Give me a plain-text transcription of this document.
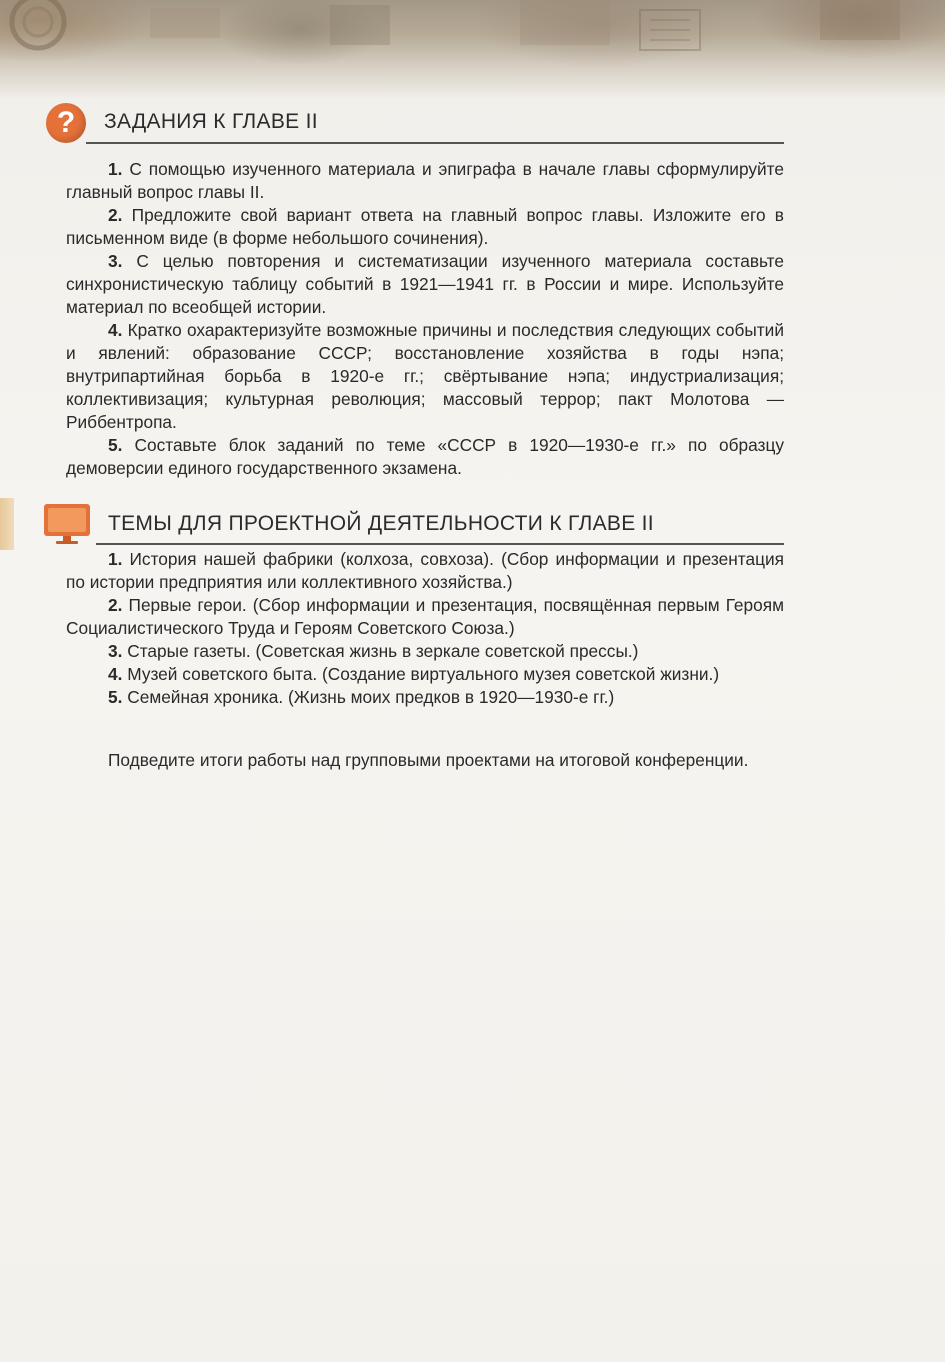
?	ЗАДАНИЯ К ГЛАВЕ II

1. С помощью изученного материала и эпиграфа в начале главы сформулируйте главный вопрос главы II.

2. Предложите свой вариант ответа на главный вопрос главы. Изложите его в письменном виде (в форме небольшого сочинения).

3. С целью повторения и систематизации изученного материала составьте синхронистическую таблицу событий в 1921—1941 гг. в России и мире. Используйте материал по всеобщей истории.

4. Кратко охарактеризуйте возможные причины и последствия следующих событий и явлений: образование СССР; восстановление хозяйства в годы нэпа; внутрипартийная борьба в 1920-е гг.; свёртывание нэпа; индустриализация; коллективизация; культурная революция; массовый террор; пакт Молотова — Риббентропа.

5. Составьте блок заданий по теме «СССР в 1920—1930-е гг.» по образцу демоверсии единого государственного экзамена.

ТЕМЫ ДЛЯ ПРОЕКТНОЙ ДЕЯТЕЛЬНОСТИ К ГЛАВЕ II

1. История нашей фабрики (колхоза, совхоза). (Сбор информации и презентация по истории предприятия или коллективного хозяйства.)

2. Первые герои. (Сбор информации и презентация, посвящённая первым Героям Социалистического Труда и Героям Советского Союза.)

3. Старые газеты. (Советская жизнь в зеркале советской прессы.)

4. Музей советского быта. (Создание виртуального музея советской жизни.)

5. Семейная хроника. (Жизнь моих предков в 1920—1930-е гг.)

Подведите итоги работы над групповыми проектами на итоговой конференции.
